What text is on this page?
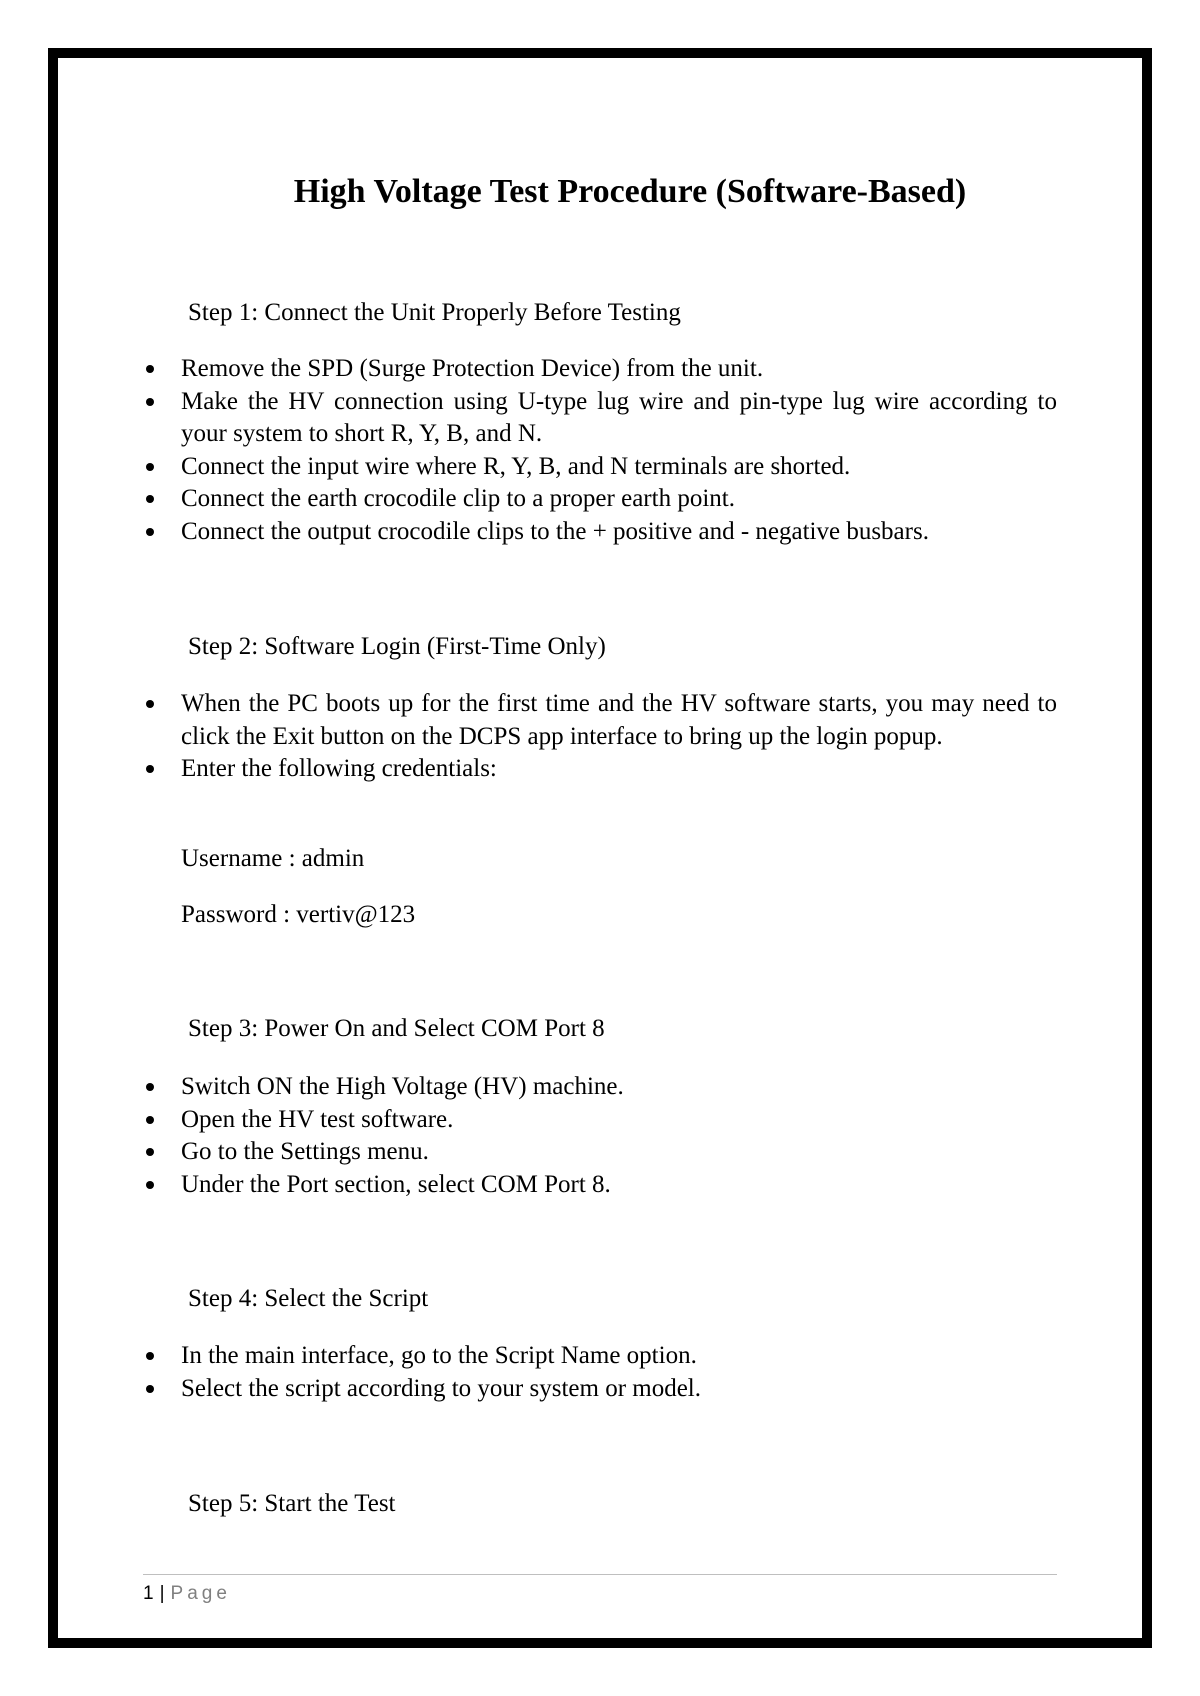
High Voltage Test Procedure (Software-Based)
Step 1: Connect the Unit Properly Before Testing
Remove the SPD (Surge Protection Device) from the unit.
Make the HV connection using U-type lug wire and pin-type lug wire according to your system to short R, Y, B, and N.
Connect the input wire where R, Y, B, and N terminals are shorted.
Connect the earth crocodile clip to a proper earth point.
Connect the output crocodile clips to the + positive and - negative busbars.
Step 2: Software Login (First-Time Only)
When the PC boots up for the first time and the HV software starts, you may need to click the Exit button on the DCPS app interface to bring up the login popup.
Enter the following credentials:

Username : admin

Password : vertiv@123

Step 3: Power On and Select COM Port 8
Switch ON the High Voltage (HV) machine.
Open the HV test software.
Go to the Settings menu.
Under the Port section, select COM Port 8.
Step 4: Select the Script
In the main interface, go to the Script Name option.
Select the script according to your system or model.
Step 5: Start the Test
1 | Page
